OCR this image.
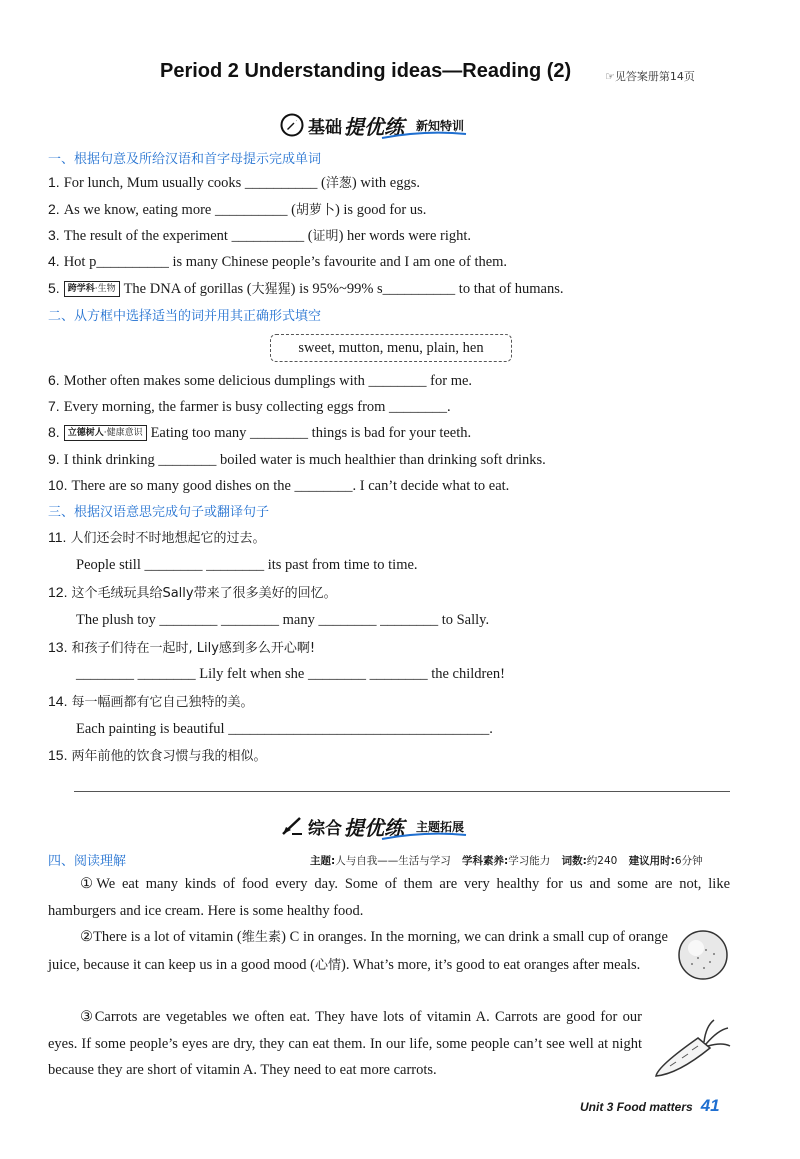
Period 2 Understanding ideas—Reading (2)	☞见答案册第14页
基础 提优练 新知特训
一、根据句意及所给汉语和首字母提示完成单词
1. For lunch, Mum usually cooks __________ (洋葱) with eggs.
2. As we know, eating more __________ (胡萝卜) is good for us.
3. The result of the experiment __________ (证明) her words were right.
4. Hot p__________ is many Chinese people’s favourite and I am one of them.
5. 跨学科·生物 The DNA of gorillas (大猩猩) is 95%~99% s__________ to that of humans.
二、从方框中选择适当的词并用其正确形式填空
sweet, mutton, menu, plain, hen
6. Mother often makes some delicious dumplings with ________ for me.
7. Every morning, the farmer is busy collecting eggs from ________.
8. 立德树人·健康意识 Eating too many ________ things is bad for your teeth.
9. I think drinking ________ boiled water is much healthier than drinking soft drinks.
10. There are so many good dishes on the ________. I can’t decide what to eat.
三、根据汉语意思完成句子或翻译句子
11. 人们还会时不时地想起它的过去。
People still ________ ________ its past from time to time.
12. 这个毛绒玩具给Sally带来了很多美好的回忆。
The plush toy ________ ________ many ________ ________ to Sally.
13. 和孩子们待在一起时, Lily感到多么开心啊!
________ ________ Lily felt when she ________ ________ the children!
14. 每一幅画都有它自己独特的美。
Each painting is beautiful ____________________________________.
15. 两年前他的饮食习惯与我的相似。
综合 提优练 主题拓展
四、阅读理解	主题:人与自我——生活与学习 学科素养:学习能力 词数:约240 建议用时:6分钟
①We eat many kinds of food every day. Some of them are very healthy for us and some are not, like hamburgers and ice cream. Here is some healthy food.
②There is a lot of vitamin (维生素) C in oranges. In the morning, we can drink a small cup of orange juice, because it can keep us in a good mood (心情). What’s more, it’s good to eat oranges after meals.
③Carrots are vegetables we often eat. They have lots of vitamin A. Carrots are good for our eyes. If some people’s eyes are dry, they can eat them. In our life, some people can’t see well at night because they are short of vitamin A. They need to eat more carrots.
Unit 3 Food matters 41
